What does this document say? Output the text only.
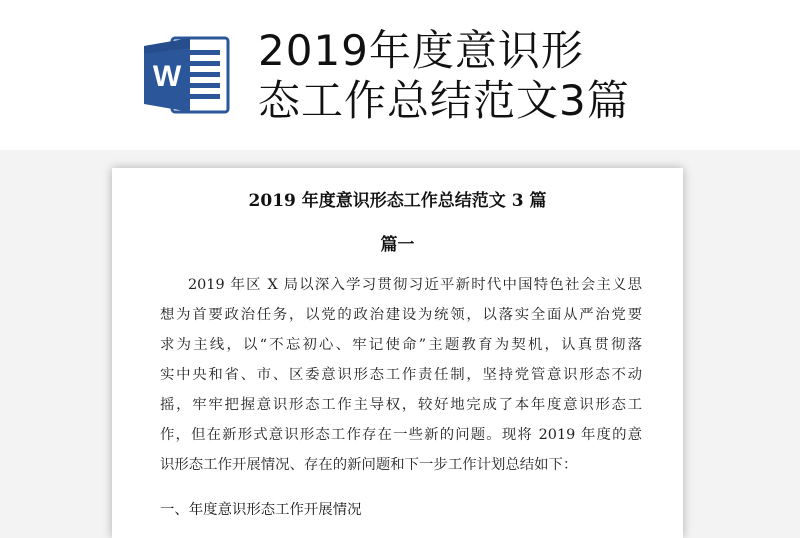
W
2019年度意识形
态工作总结范文3篇
2019 年度意识形态工作总结范文 3 篇
篇一
2019 年区 X 局以深入学习贯彻习近平新时代中国特色社会主义思
想为首要政治任务，以党的政治建设为统领，以落实全面从严治党要
求为主线，以“不忘初心、牢记使命”主题教育为契机，认真贯彻落
实中央和省、市、区委意识形态工作责任制，坚持党管意识形态不动
摇，牢牢把握意识形态工作主导权，较好地完成了本年度意识形态工
作，但在新形式意识形态工作存在一些新的问题。现将 2019 年度的意
识形态工作开展情况、存在的新问题和下一步工作计划总结如下：
一、年度意识形态工作开展情况
